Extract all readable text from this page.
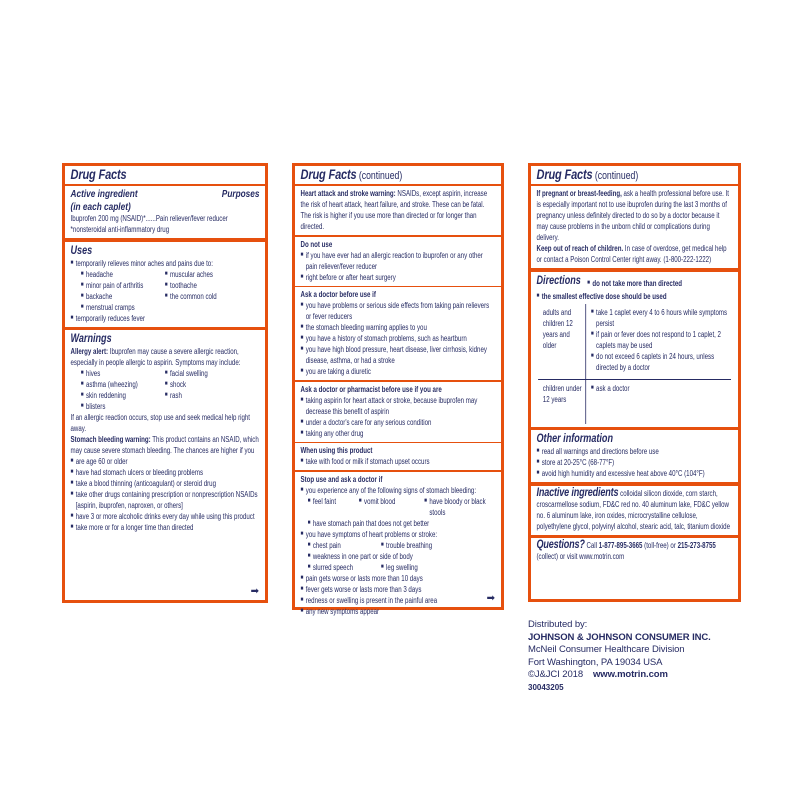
Drug Facts
Active ingredient
(in each caplet)
Purposes
Ibuprofen 200 mg (NSAID)*......Pain reliever/fever reducer
*nonsteroidal anti-inflammatory drug
Uses
■ temporarily relieves minor aches and pains due to:
■ headache	■ muscular aches
■ minor pain of arthritis	■ toothache
■ backache	■ the common cold
■ menstrual cramps
■ temporarily reduces fever
Warnings

Allergy alert: Ibuprofen may cause a severe allergic reaction, especially in people allergic to aspirin. Symptoms may include:

■ hives	■ facial swelling
■ asthma (wheezing)	■ shock
■ skin reddening	■ rash
■ blisters

If an allergic reaction occurs, stop use and seek medical help right away.

Stomach bleeding warning: This product contains an NSAID, which may cause severe stomach bleeding. The chances are higher if you

■ are age 60 or older
■ have had stomach ulcers or bleeding problems
■ take a blood thinning (anticoagulant) or steroid drug
■ take other drugs containing prescription or nonprescription NSAIDs [aspirin, ibuprofen, naproxen, or others]
■ have 3 or more alcoholic drinks every day while using this product
■ take more or for a longer time than directed
➡
Drug Facts (continued)

Heart attack and stroke warning: NSAIDs, except aspirin, increase the risk of heart attack, heart failure, and stroke. These can be fatal. The risk is higher if you use more than directed or for longer than directed.

Do not use
■ if you have ever had an allergic reaction to ibuprofen or any other pain reliever/fever reducer
■ right before or after heart surgery
Ask a doctor before use if
■ you have problems or serious side effects from taking pain relievers or fever reducers
■ the stomach bleeding warning applies to you
■ you have a history of stomach problems, such as heartburn
■ you have high blood pressure, heart disease, liver cirrhosis, kidney disease, asthma, or had a stroke
■ you are taking a diuretic
Ask a doctor or pharmacist before use if you are
■ taking aspirin for heart attack or stroke, because ibuprofen may decrease this benefit of aspirin
■ under a doctor's care for any serious condition
■ taking any other drug
When using this product
■ take with food or milk if stomach upset occurs
Stop use and ask a doctor if
■ you experience any of the following signs of stomach bleeding:
■ feel faint	■ vomit blood	■ have bloody or black stools
■ have stomach pain that does not get better
■ you have symptoms of heart problems or stroke:
■ chest pain	■ trouble breathing
■ weakness in one part or side of body
■ slurred speech	■ leg swelling
■ pain gets worse or lasts more than 10 days
■ fever gets worse or lasts more than 3 days
■ redness or swelling is present in the painful area
■ any new symptoms appear
➡
Drug Facts (continued)

If pregnant or breast-feeding, ask a health professional before use. It is especially important not to use ibuprofen during the last 3 months of pregnancy unless definitely directed to do so by a doctor because it may cause problems in the unborn child or complications during delivery.

Keep out of reach of children. In case of overdose, get medical help or contact a Poison Control Center right away. (1-800-222-1222)

Directions	■ do not take more than directed
■ the smallest effective dose should be used
adults and children 12 years and older
■ take 1 caplet every 4 to 6 hours while symptoms persist
■ if pain or fever does not respond to 1 caplet, 2 caplets may be used
■ do not exceed 6 caplets in 24 hours, unless directed by a doctor
children under 12 years
■ ask a doctor
Other information
■ read all warnings and directions before use
■ store at 20-25°C (68-77°F)
■ avoid high humidity and excessive heat above 40°C (104°F)

Inactive ingredients colloidal silicon dioxide, corn starch, croscarmellose sodium, FD&C red no. 40 aluminum lake, FD&C yellow no. 6 aluminum lake, iron oxides, microcrystalline cellulose, polyethylene glycol, polyvinyl alcohol, stearic acid, talc, titanium dioxide

Questions? Call 1-877-895-3665 (toll-free) or 215-273-8755 (collect) or visit www.motrin.com

Distributed by:
JOHNSON & JOHNSON CONSUMER INC.
McNeil Consumer Healthcare Division
Fort Washington, PA 19034 USA
©J&JCI 2018 www.motrin.com
30043205
